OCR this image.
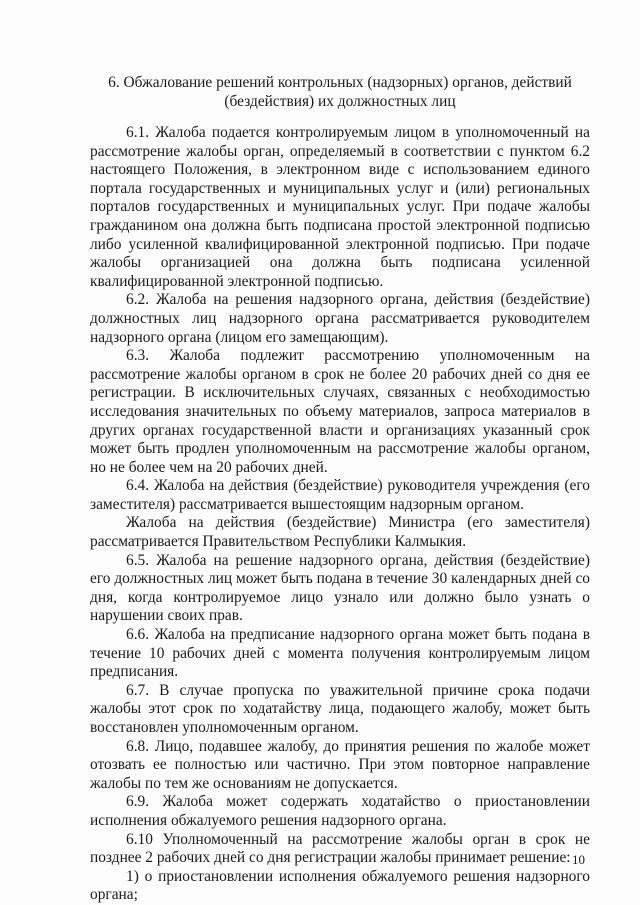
6. Обжалование решений контрольных (надзорных) органов, действий
(бездействия) их должностных лиц

6.1. Жалоба подается контролируемым лицом в уполномоченный на рассмотрение жалобы орган, определяемый в соответствии с пунктом 6.2 настоящего Положения, в электронном виде с использованием единого портала государственных и муниципальных услуг и (или) региональных порталов государственных и муниципальных услуг. При подаче жалобы гражданином она должна быть подписана простой электронной подписью либо усиленной квалифицированной электронной подписью. При подаче жалобы организацией она должна быть подписана усиленной квалифицированной электронной подписью.

6.2. Жалоба на решения надзорного органа, действия (бездействие) должностных лиц надзорного органа рассматривается руководителем надзорного органа (лицом его замещающим).

6.3. Жалоба подлежит рассмотрению уполномоченным на рассмотрение жалобы органом в срок не более 20 рабочих дней со дня ее регистрации. В исключительных случаях, связанных с необходимостью исследования значительных по объему материалов, запроса материалов в других органах государственной власти и организациях указанный срок может быть продлен уполномоченным на рассмотрение жалобы органом, но не более чем на 20 рабочих дней.

6.4. Жалоба на действия (бездействие) руководителя учреждения (его заместителя) рассматривается вышестоящим надзорным органом.

Жалоба на действия (бездействие) Министра (его заместителя) рассматривается Правительством Республики Калмыкия.

6.5. Жалоба на решение надзорного органа, действия (бездействие) его должностных лиц может быть подана в течение 30 календарных дней со дня, когда контролируемое лицо узнало или должно было узнать о нарушении своих прав.

6.6. Жалоба на предписание надзорного органа может быть подана в течение 10 рабочих дней с момента получения контролируемым лицом предписания.

6.7. В случае пропуска по уважительной причине срока подачи жалобы этот срок по ходатайству лица, подающего жалобу, может быть восстановлен уполномоченным органом.

6.8. Лицо, подавшее жалобу, до принятия решения по жалобе может отозвать ее полностью или частично. При этом повторное направление жалобы по тем же основаниям не допускается.

6.9. Жалоба может содержать ходатайство о приостановлении исполнения обжалуемого решения надзорного органа.

6.10 Уполномоченный на рассмотрение жалобы орган в срок не позднее 2 рабочих дней со дня регистрации жалобы принимает решение:

1) о приостановлении исполнения обжалуемого решения надзорного органа;

10
